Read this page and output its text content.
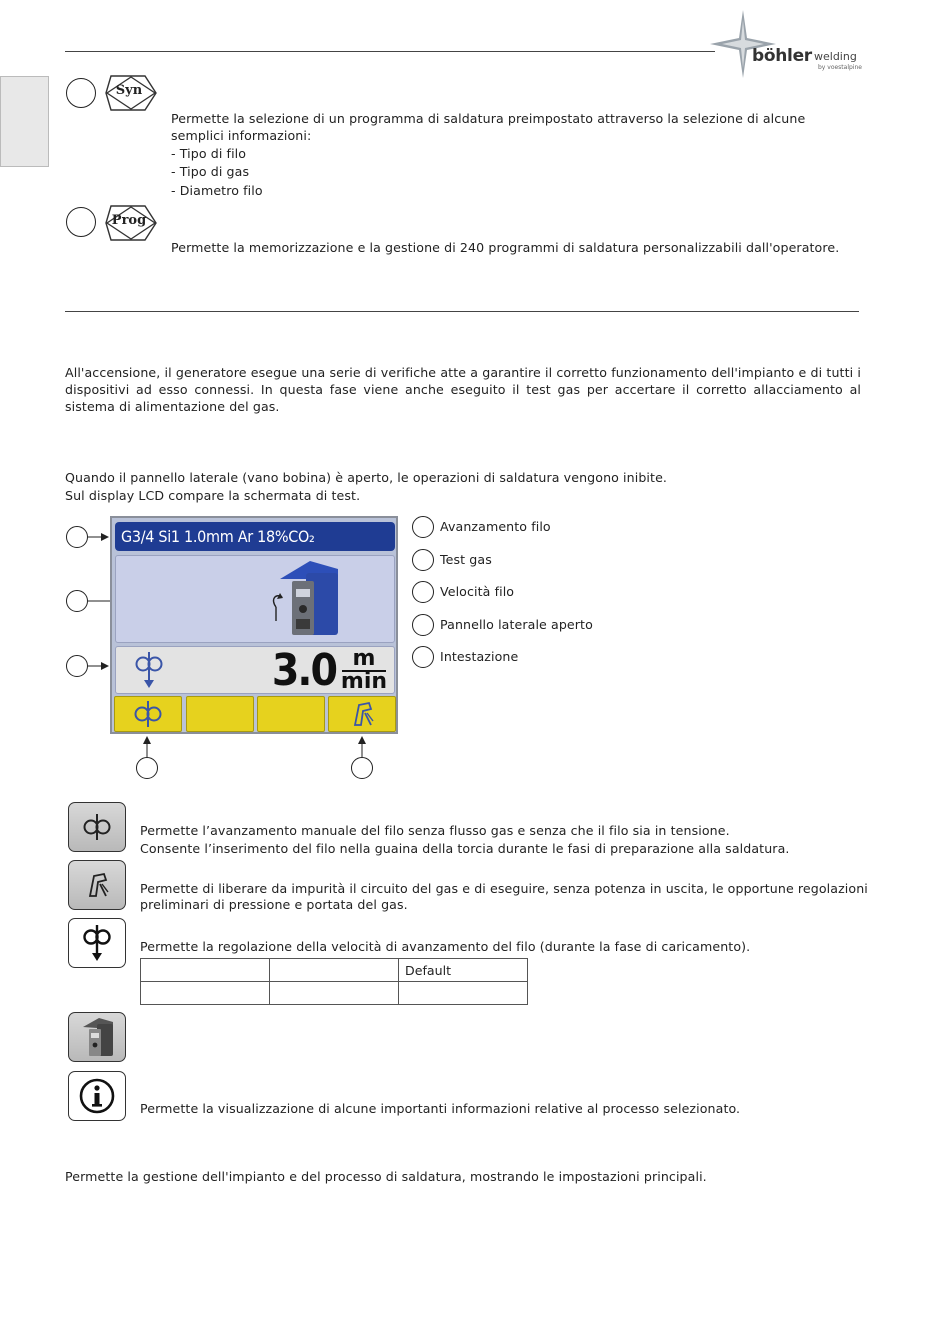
böhler welding
by voestalpine
Syn
Permette la selezione di un programma di saldatura preimpostato attraverso la selezione di alcune semplici informazioni:
- Tipo di filo
- Tipo di gas
- Diametro filo
Prog
Permette la memorizzazione e la gestione di 240 programmi di saldatura personalizzabili dall'operatore.
All'accensione, il generatore esegue una serie di verifiche atte a garantire il corretto funzionamento dell'impianto e di tutti i dispositivi ad esso connessi. In questa fase viene anche eseguito il test gas per accertare il corretto allacciamento al sistema di alimentazione del gas.
Quando il pannello laterale (vano bobina) è aperto, le operazioni di saldatura vengono inibite.
Sul display LCD compare la schermata di test.
G3/4 Si1 1.0mm Ar 18%CO₂
3.0 m
min
Avanzamento filo
Test gas
Velocità filo
Pannello laterale aperto
Intestazione
Permette l’avanzamento manuale del filo senza flusso gas e senza che il filo sia in tensione.
Consente l’inserimento del filo nella guaina della torcia durante le fasi di preparazione alla saldatura.
Permette di liberare da impurità il circuito del gas e di eseguire, senza potenza in uscita, le opportune regolazioni
preliminari di pressione e portata del gas.
Permette la regolazione della velocità di avanzamento del filo (durante la fase di caricamento).
		Default

Permette la visualizzazione di alcune importanti informazioni relative al processo selezionato.
Permette la gestione dell'impianto e del processo di saldatura, mostrando le impostazioni principali.
